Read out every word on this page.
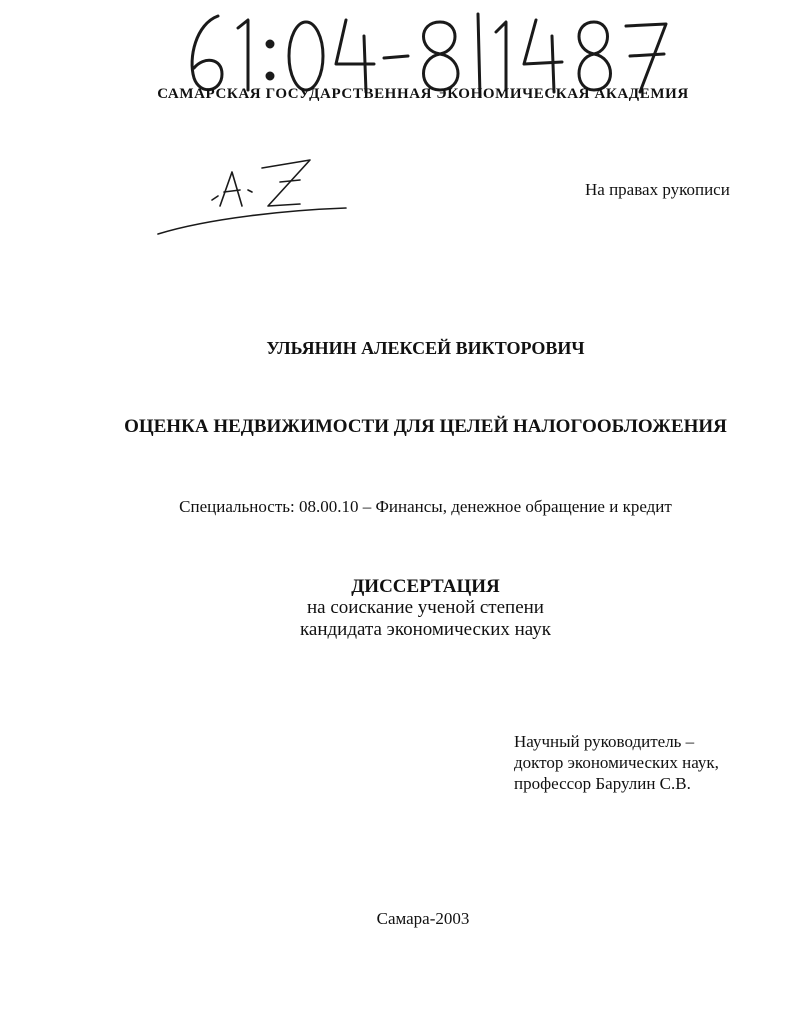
САМАРСКАЯ ГОСУДАРСТВЕННАЯ ЭКОНОМИЧЕСКАЯ АКАДЕМИЯ
На правах рукописи
УЛЬЯНИН АЛЕКСЕЙ ВИКТОРОВИЧ
ОЦЕНКА НЕДВИЖИМОСТИ ДЛЯ ЦЕЛЕЙ НАЛОГООБЛОЖЕНИЯ
Специальность: 08.00.10 – Финансы, денежное обращение и кредит
ДИССЕРТАЦИЯ
на соискание ученой степени
кандидата экономических наук
Научный руководитель –
доктор экономических наук,
профессор Барулин С.В.
Самара-2003
